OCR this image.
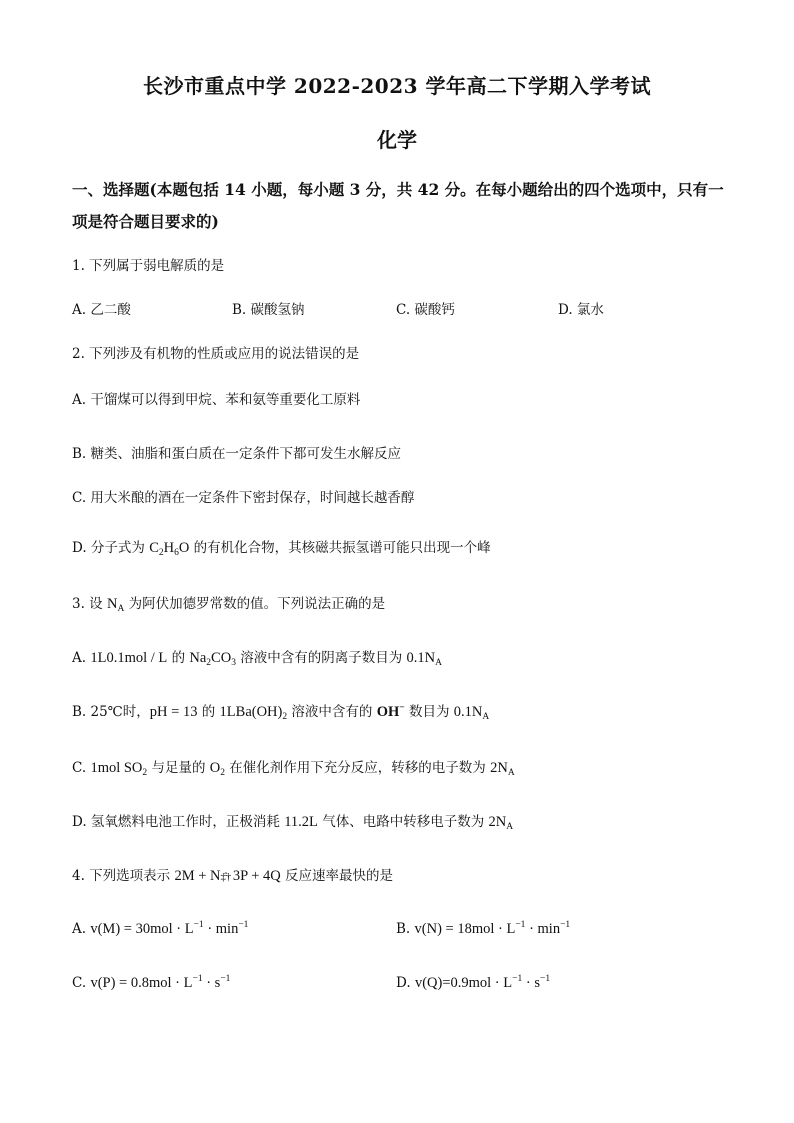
长沙市重点中学 2022-2023 学年高二下学期入学考试
化学
一、选择题(本题包括 14 小题，每小题 3 分，共 42 分。在每小题给出的四个选项中，只有一项是符合题目要求的)
1. 下列属于弱电解质的是
A. 乙二酸	B. 碳酸氢钠	C. 碳酸钙	D. 氯水
2. 下列涉及有机物的性质或应用的说法错误的是
A. 干馏煤可以得到甲烷、苯和氨等重要化工原料
B. 糖类、油脂和蛋白质在一定条件下都可发生水解反应
C. 用大米酿的酒在一定条件下密封保存，时间越长越香醇
D. 分子式为 $C_2H_6O$ 的有机化合物，其核磁共振氢谱可能只出现一个峰
3. 设 $N_A$ 为阿伏加德罗常数的值。下列说法正确的是
A. 1L0.1mol / L 的 $Na_2CO_3$ 溶液中含有的阴离子数目为 $0.1N_A$
B. 25℃时，pH = 13 的 $1LBa(OH)_2$ 溶液中含有的 OH− 数目为 $0.1N_A$
C. 1mol $SO_2$ 与足量的 $O_2$ 在催化剂作用下充分反应，转移的电子数为 $2N_A$
D. 氢氧燃料电池工作时，正极消耗 11.2L 气体、电路中转移电子数为 $2N_A$
4. 下列选项表示 2M + N‡ˆ† 3P + 4Q 反应速率最快的是
A. $v(M) = 30mol \cdot L^{-1} \cdot \min^{-1}$	B. $v(N) = 18mol \cdot L^{-1} \cdot \min^{-1}$
C. $v(P) = 0.8mol \cdot L^{-1} \cdot s^{-1}$	D. $v(Q)=0.9mol \cdot L^{-1} \cdot s^{-1}$
